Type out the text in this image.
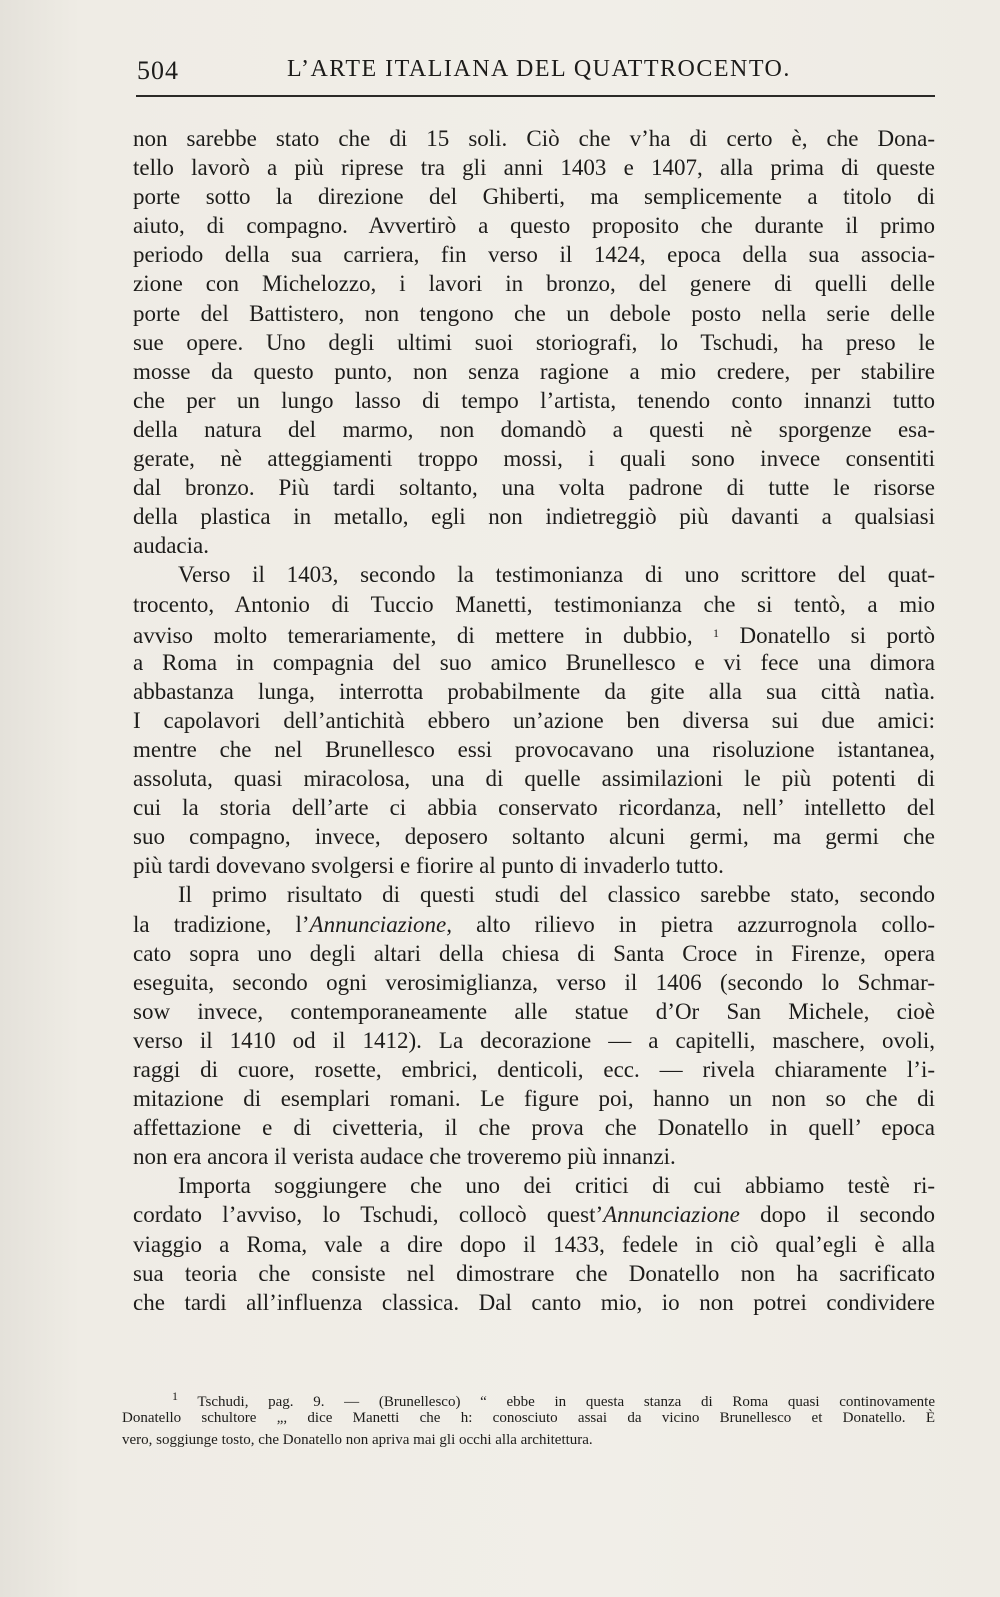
504	L’ARTE ITALIANA DEL QUATTROCENTO.
non sarebbe stato che di 15 soli. Ciò che v’ha di certo è, che Dona-
tello lavorò a più riprese tra gli anni 1403 e 1407, alla prima di queste
porte sotto la direzione del Ghiberti, ma semplicemente a titolo di
aiuto, di compagno. Avvertirò a questo proposito che durante il primo
periodo della sua carriera, fin verso il 1424, epoca della sua associa-
zione con Michelozzo, i lavori in bronzo, del genere di quelli delle
porte del Battistero, non tengono che un debole posto nella serie delle
sue opere. Uno degli ultimi suoi storiografi, lo Tschudi, ha preso le
mosse da questo punto, non senza ragione a mio credere, per stabilire
che per un lungo lasso di tempo l’artista, tenendo conto innanzi tutto
della natura del marmo, non domandò a questi nè sporgenze esa-
gerate, nè atteggiamenti troppo mossi, i quali sono invece consentiti
dal bronzo. Più tardi soltanto, una volta padrone di tutte le risorse
della plastica in metallo, egli non indietreggiò più davanti a qualsiasi
audacia.
Verso il 1403, secondo la testimonianza di uno scrittore del quat-
trocento, Antonio di Tuccio Manetti, testimonianza che si tentò, a mio
avviso molto temerariamente, di mettere in dubbio, $^1$ Donatello si portò
a Roma in compagnia del suo amico Brunellesco e vi fece una dimora
abbastanza lunga, interrotta probabilmente da gite alla sua città natìa.
I capolavori dell’antichità ebbero un’azione ben diversa sui due amici:
mentre che nel Brunellesco essi provocavano una risoluzione istantanea,
assoluta, quasi miracolosa, una di quelle assimilazioni le più potenti di
cui la storia dell’arte ci abbia conservato ricordanza, nell’ intelletto del
suo compagno, invece, deposero soltanto alcuni germi, ma germi che
più tardi dovevano svolgersi e fiorire al punto di invaderlo tutto.
Il primo risultato di questi studi del classico sarebbe stato, secondo
la tradizione, l’Annunciazione, alto rilievo in pietra azzurrognola collo-
cato sopra uno degli altari della chiesa di Santa Croce in Firenze, opera
eseguita, secondo ogni verosimiglianza, verso il 1406 (secondo lo Schmar-
sow invece, contemporaneamente alle statue d’Or San Michele, cioè
verso il 1410 od il 1412). La decorazione — a capitelli, maschere, ovoli,
raggi di cuore, rosette, embrici, denticoli, ecc. — rivela chiaramente l’i-
mitazione di esemplari romani. Le figure poi, hanno un non so che di
affettazione e di civetteria, il che prova che Donatello in quell’ epoca
non era ancora il verista audace che troveremo più innanzi.
Importa soggiungere che uno dei critici di cui abbiamo testè ri-
cordato l’avviso, lo Tschudi, collocò quest’Annunciazione dopo il secondo
viaggio a Roma, vale a dire dopo il 1433, fedele in ciò qual’egli è alla
sua teoria che consiste nel dimostrare che Donatello non ha sacrificato
che tardi all’influenza classica. Dal canto mio, io non potrei condividere
$^1$ Tschudi, pag. 9. — (Brunellesco) “ ebbe in questa stanza di Roma quasi continovamente
Donatello schultore „, dice Manetti che h: conosciuto assai da vicino Brunellesco et Donatello. È
vero, soggiunge tosto, che Donatello non apriva mai gli occhi alla architettura.
